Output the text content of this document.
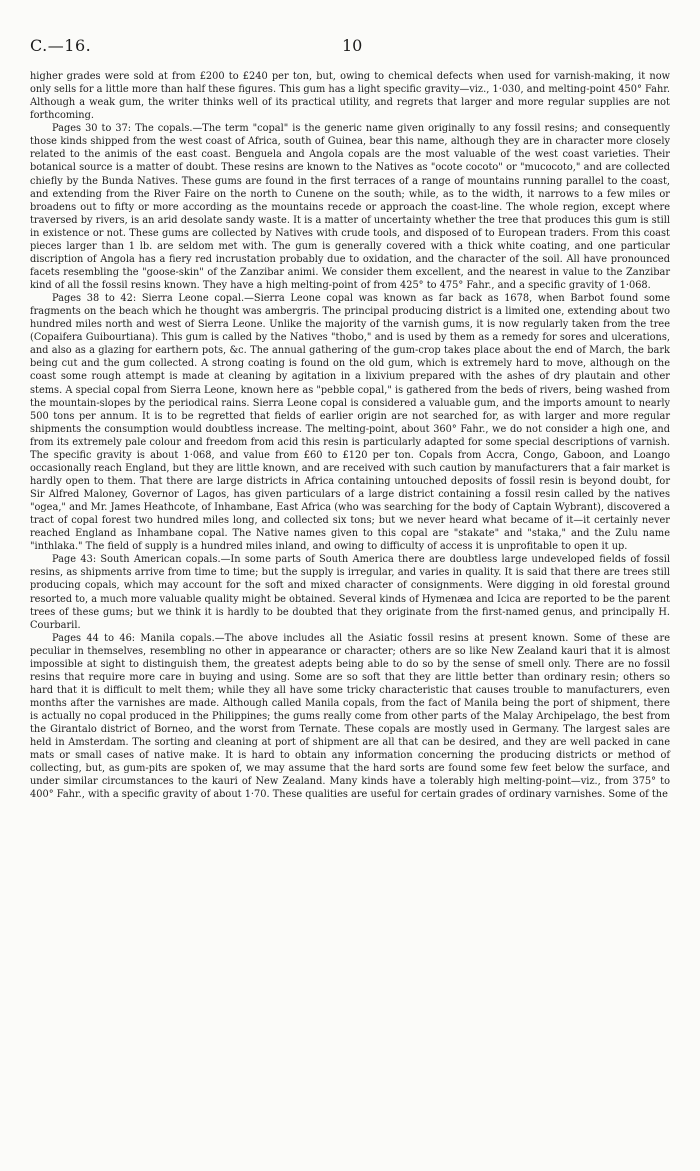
C.—16.	10

higher grades were sold at from £200 to £240 per ton, but, owing to chemical defects when used for varnish-making, it now only sells for a little more than half these figures. This gum has a light specific gravity—viz., 1·030, and melting-point 450° Fahr. Although a weak gum, the writer thinks well of its practical utility, and regrets that larger and more regular supplies are not forthcoming.

Pages 30 to 37: The copals.—The term "copal" is the generic name given originally to any fossil resins; and consequently those kinds shipped from the west coast of Africa, south of Guinea, bear this name, although they are in character more closely related to the animis of the east coast. Benguela and Angola copals are the most valuable of the west coast varieties. Their botanical source is a matter of doubt. These resins are known to the Natives as "ocote cocoto" or "mucocoto," and are collected chiefly by the Bunda Natives. These gums are found in the first terraces of a range of mountains running parallel to the coast, and extending from the River Faire on the north to Cunene on the south; while, as to the width, it narrows to a few miles or broadens out to fifty or more according as the mountains recede or approach the coast-line. The whole region, except where traversed by rivers, is an arid desolate sandy waste. It is a matter of uncertainty whether the tree that produces this gum is still in existence or not. These gums are collected by Natives with crude tools, and disposed of to European traders. From this coast pieces larger than 1 lb. are seldom met with. The gum is generally covered with a thick white coating, and one particular discription of Angola has a fiery red incrustation probably due to oxidation, and the character of the soil. All have pronounced facets resembling the "goose-skin" of the Zanzibar animi. We consider them excellent, and the nearest in value to the Zanzibar kind of all the fossil resins known. They have a high melting-point of from 425° to 475° Fahr., and a specific gravity of 1·068.

Pages 38 to 42: Sierra Leone copal.—Sierra Leone copal was known as far back as 1678, when Barbot found some fragments on the beach which he thought was ambergris. The principal producing district is a limited one, extending about two hundred miles north and west of Sierra Leone. Unlike the majority of the varnish gums, it is now regularly taken from the tree (Copaifera Guibourtiana). This gum is called by the Natives "thobo," and is used by them as a remedy for sores and ulcerations, and also as a glazing for earthern pots, &c. The annual gathering of the gum-crop takes place about the end of March, the bark being cut and the gum collected. A strong coating is found on the old gum, which is extremely hard to move, although on the coast some rough attempt is made at cleaning by agitation in a lixivium prepared with the ashes of dry plautain and other stems. A special copal from Sierra Leone, known here as "pebble copal," is gathered from the beds of rivers, being washed from the mountain-slopes by the periodical rains. Sierra Leone copal is considered a valuable gum, and the imports amount to nearly 500 tons per annum. It is to be regretted that fields of earlier origin are not searched for, as with larger and more regular shipments the consumption would doubtless increase. The melting-point, about 360° Fahr., we do not consider a high one, and from its extremely pale colour and freedom from acid this resin is particularly adapted for some special descriptions of varnish. The specific gravity is about 1·068, and value from £60 to £120 per ton. Copals from Accra, Congo, Gaboon, and Loango occasionally reach England, but they are little known, and are received with such caution by manufacturers that a fair market is hardly open to them. That there are large districts in Africa containing untouched deposits of fossil resin is beyond doubt, for Sir Alfred Maloney, Governor of Lagos, has given particulars of a large district containing a fossil resin called by the natives "ogea," and Mr. James Heathcote, of Inhambane, East Africa (who was searching for the body of Captain Wybrant), discovered a tract of copal forest two hundred miles long, and collected six tons; but we never heard what became of it—it certainly never reached England as Inhambane copal. The Native names given to this copal are "stakate" and "staka," and the Zulu name "inthlaka." The field of supply is a hundred miles inland, and owing to difficulty of access it is unprofitable to open it up.

Page 43: South American copals.—In some parts of South America there are doubtless large undeveloped fields of fossil resins, as shipments arrive from time to time; but the supply is irregular, and varies in quality. It is said that there are trees still producing copals, which may account for the soft and mixed character of consignments. Were digging in old forestal ground resorted to, a much more valuable quality might be obtained. Several kinds of Hymenæa and Icica are reported to be the parent trees of these gums; but we think it is hardly to be doubted that they originate from the first-named genus, and principally H. Courbaril.

Pages 44 to 46: Manila copals.—The above includes all the Asiatic fossil resins at present known. Some of these are peculiar in themselves, resembling no other in appearance or character; others are so like New Zealand kauri that it is almost impossible at sight to distinguish them, the greatest adepts being able to do so by the sense of smell only. There are no fossil resins that require more care in buying and using. Some are so soft that they are little better than ordinary resin; others so hard that it is difficult to melt them; while they all have some tricky characteristic that causes trouble to manufacturers, even months after the varnishes are made. Although called Manila copals, from the fact of Manila being the port of shipment, there is actually no copal produced in the Philippines; the gums really come from other parts of the Malay Archipelago, the best from the Girantalo district of Borneo, and the worst from Ternate. These copals are mostly used in Germany. The largest sales are held in Amsterdam. The sorting and cleaning at port of shipment are all that can be desired, and they are well packed in cane mats or small cases of native make. It is hard to obtain any information concerning the producing districts or method of collecting, but, as gum-pits are spoken of, we may assume that the hard sorts are found some few feet below the surface, and under similar circumstances to the kauri of New Zealand. Many kinds have a tolerably high melting-point—viz., from 375° to 400° Fahr., with a specific gravity of about 1·70. These qualities are useful for certain grades of ordinary varnishes. Some of the
